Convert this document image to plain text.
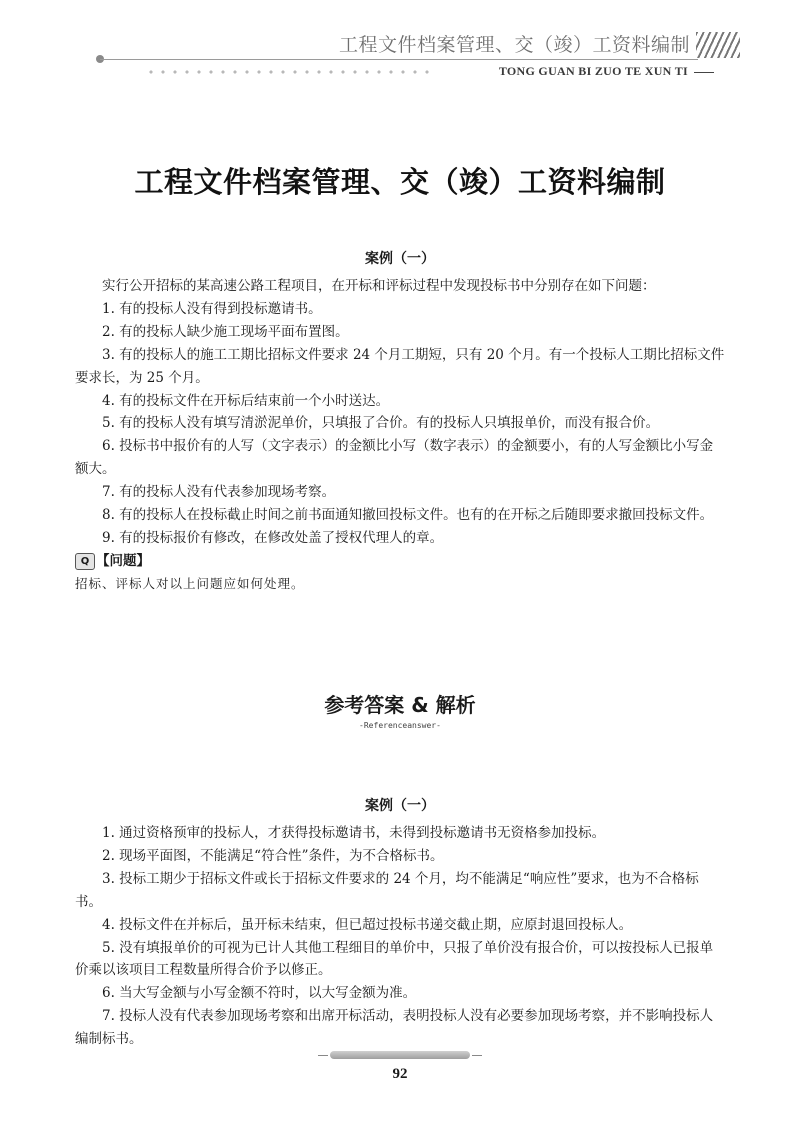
工程文件档案管理、交（竣）工资料编制
TONG GUAN BI ZUO TE XUN TI
工程文件档案管理、交（竣）工资料编制
案例（一）

实行公开招标的某高速公路工程项目，在开标和评标过程中发现投标书中分别存在如下问题：

1. 有的投标人没有得到投标邀请书。

2. 有的投标人缺少施工现场平面布置图。

3. 有的投标人的施工工期比招标文件要求 24 个月工期短，只有 20 个月。有一个投标人工期比招标文件要求长，为 25 个月。

4. 有的投标文件在开标后结束前一个小时送达。

5. 有的投标人没有填写清淤泥单价，只填报了合价。有的投标人只填报单价，而没有报合价。

6. 投标书中报价有的人写（文字表示）的金额比小写（数字表示）的金额要小，有的人写金额比小写金额大。

7. 有的投标人没有代表参加现场考察。

8. 有的投标人在投标截止时间之前书面通知撤回投标文件。也有的在开标之后随即要求撤回投标文件。

9. 有的投标报价有修改，在修改处盖了授权代理人的章。

Q 【问题】

招标、评标人对以上问题应如何处理。

参考答案 & 解析
-Referenceanswer-
案例（一）

1. 通过资格预审的投标人，才获得投标邀请书，未得到投标邀请书无资格参加投标。

2. 现场平面图，不能满足“符合性”条件，为不合格标书。

3. 投标工期少于招标文件或长于招标文件要求的 24 个月，均不能满足“响应性”要求，也为不合格标书。

4. 投标文件在并标后，虽开标未结束，但已超过投标书递交截止期，应原封退回投标人。

5. 没有填报单价的可视为已计人其他工程细目的单价中，只报了单价没有报合价，可以按投标人已报单价乘以该项目工程数量所得合价予以修正。

6. 当大写金额与小写金额不符时，以大写金额为准。

7. 投标人没有代表参加现场考察和出席开标活动，表明投标人没有必要参加现场考察，并不影响投标人编制标书。

92
